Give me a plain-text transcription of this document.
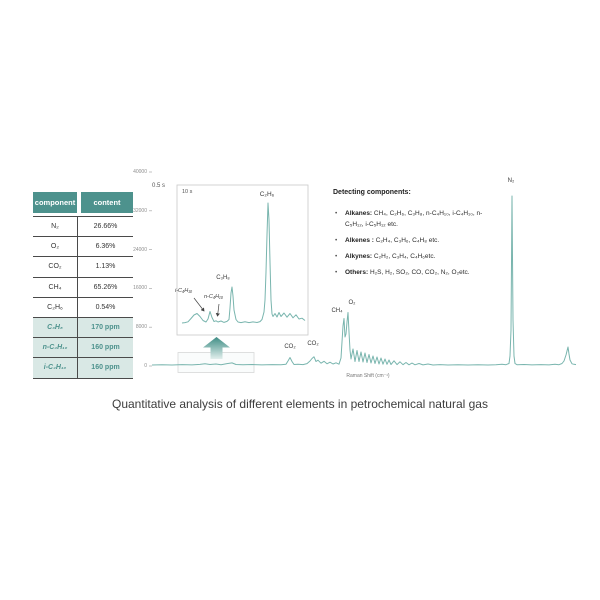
40000
32000
24000
16000
8000
0
0.5 s
10 s
CO₂ CO₂
CH₄
O₂
N₂
C₂H₆
C₃H₈
i-C₄H₁₀
n-C₄H₁₀
Raman Shift (cm⁻¹)
component	content
N₂	26.66%
O₂	6.36%
CO₂	1.13%
CH₄	65.26%
C₂H₆	0.54%
C₃H₈	170 ppm
n-C₄H₁₀	160 ppm
i-C₄H₁₀	160 ppm
Detecting components:
• Alkanes: CH₄, C₂H₆, C₃H₈, n-C₄H₁₀, i-C₄H₁₀, n-C₅H₁₂, i-C₅H₁₂ etc.
• Alkenes : C₂H₄, C₃H₆, C₄H₈ etc.
• Alkynes: C₂H₂, C₃H₄, C₄H₆etc.
• Others: H₂S, H₂, SO₂, CO, CO₂, N₂, O₂etc.
Quantitative analysis of different elements in petrochemical natural gas
